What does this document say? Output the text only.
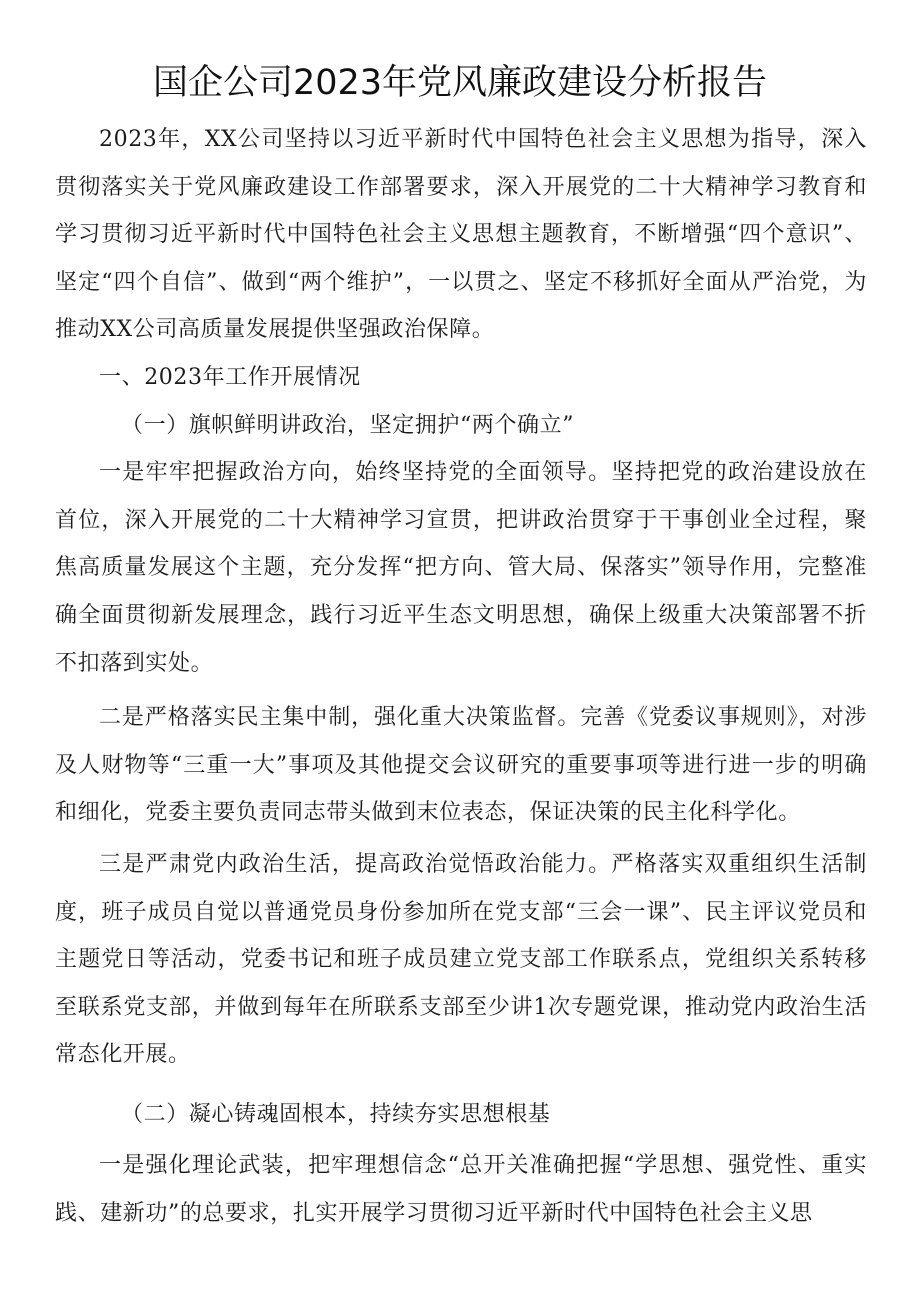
国企公司2023年党风廉政建设分析报告

2023年，XX公司坚持以习近平新时代中国特色社会主义思想为指导，深入贯彻落实关于党风廉政建设工作部署要求，深入开展党的二十大精神学习教育和学习贯彻习近平新时代中国特色社会主义思想主题教育，不断增强“四个意识”、坚定“四个自信”、做到“两个维护”，一以贯之、坚定不移抓好全面从严治党，为推动XX公司高质量发展提供坚强政治保障。

一、2023年工作开展情况

（一）旗帜鲜明讲政治，坚定拥护“两个确立”

一是牢牢把握政治方向，始终坚持党的全面领导。坚持把党的政治建设放在首位，深入开展党的二十大精神学习宣贯，把讲政治贯穿于干事创业全过程，聚焦高质量发展这个主题，充分发挥“把方向、管大局、保落实”领导作用，完整准确全面贯彻新发展理念，践行习近平生态文明思想，确保上级重大决策部署不折不扣落到实处。

二是严格落实民主集中制，强化重大决策监督。完善《党委议事规则》，对涉及人财物等“三重一大”事项及其他提交会议研究的重要事项等进行进一步的明确和细化，党委主要负责同志带头做到末位表态，保证决策的民主化科学化。

三是严肃党内政治生活，提高政治觉悟政治能力。严格落实双重组织生活制度，班子成员自觉以普通党员身份参加所在党支部“三会一课”、民主评议党员和主题党日等活动，党委书记和班子成员建立党支部工作联系点，党组织关系转移至联系党支部，并做到每年在所联系支部至少讲1次专题党课，推动党内政治生活常态化开展。

（二）凝心铸魂固根本，持续夯实思想根基

一是强化理论武装，把牢理想信念“总开关准确把握“学思想、强党性、重实践、建新功”的总要求，扎实开展学习贯彻习近平新时代中国特色社会主义思
